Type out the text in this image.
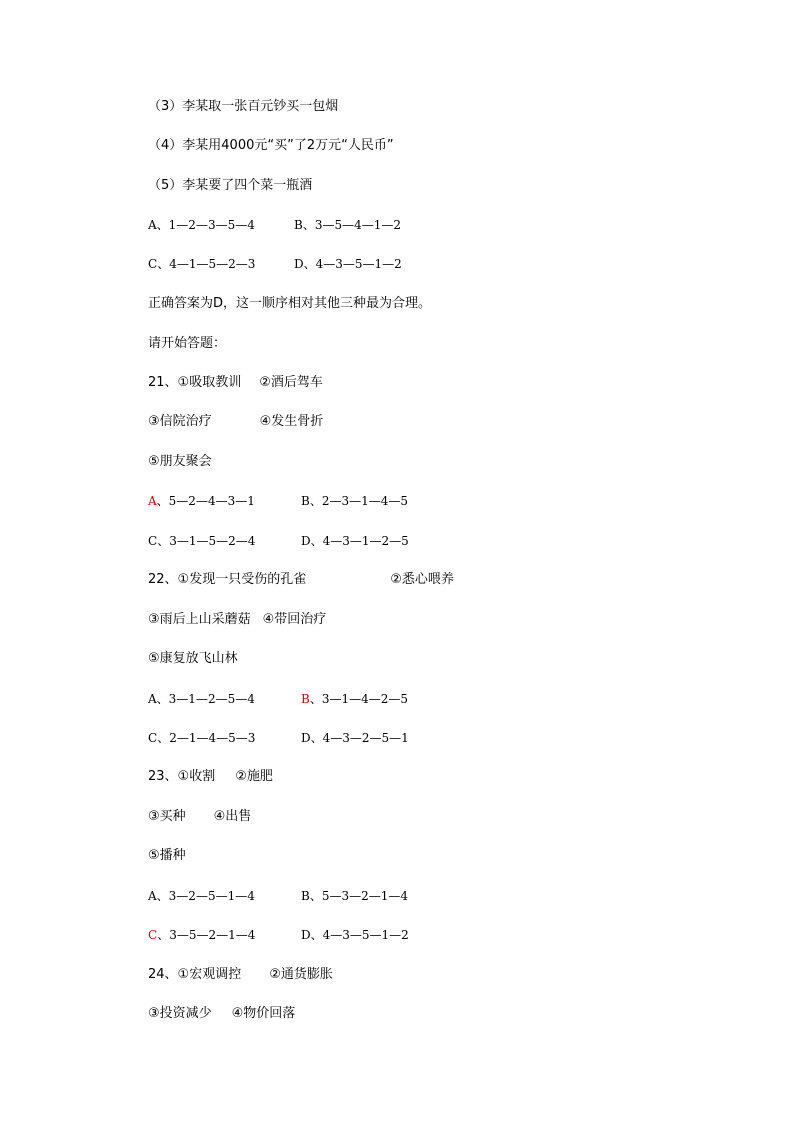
（3）李某取一张百元钞买一包烟
（4）李某用4000元“买”了2万元“人民币”
（5）李某要了四个菜一瓶酒
A、1—2—3—5—4	B、3—5—4—1—2
C、4—1—5—2—3	D、4—3—5—1—2
正确答案为D，这一顺序相对其他三种最为合理。
请开始答题：
21、①吸取教训 ②酒后驾车
③信院治疗	④发生骨折
⑤朋友聚会
A、5—2—4—3—1	B、2—3—1—4—5
C、3—1—5—2—4	D、4—3—1—2—5
22、①发现一只受伤的孔雀	②悉心喂养
③雨后上山采蘑菇 ④带回治疗
⑤康复放飞山林
A、3—1—2—5—4	B、3—1—4—2—5
C、2—1—4—5—3	D、4—3—2—5—1
23、①收割 ②施肥
③买种 ④出售
⑤播种
A、3—2—5—1—4	B、5—3—2—1—4
C、3—5—2—1—4	D、4—3—5—1—2
24、①宏观调控 ②通货膨胀
③投资减少 ④物价回落
